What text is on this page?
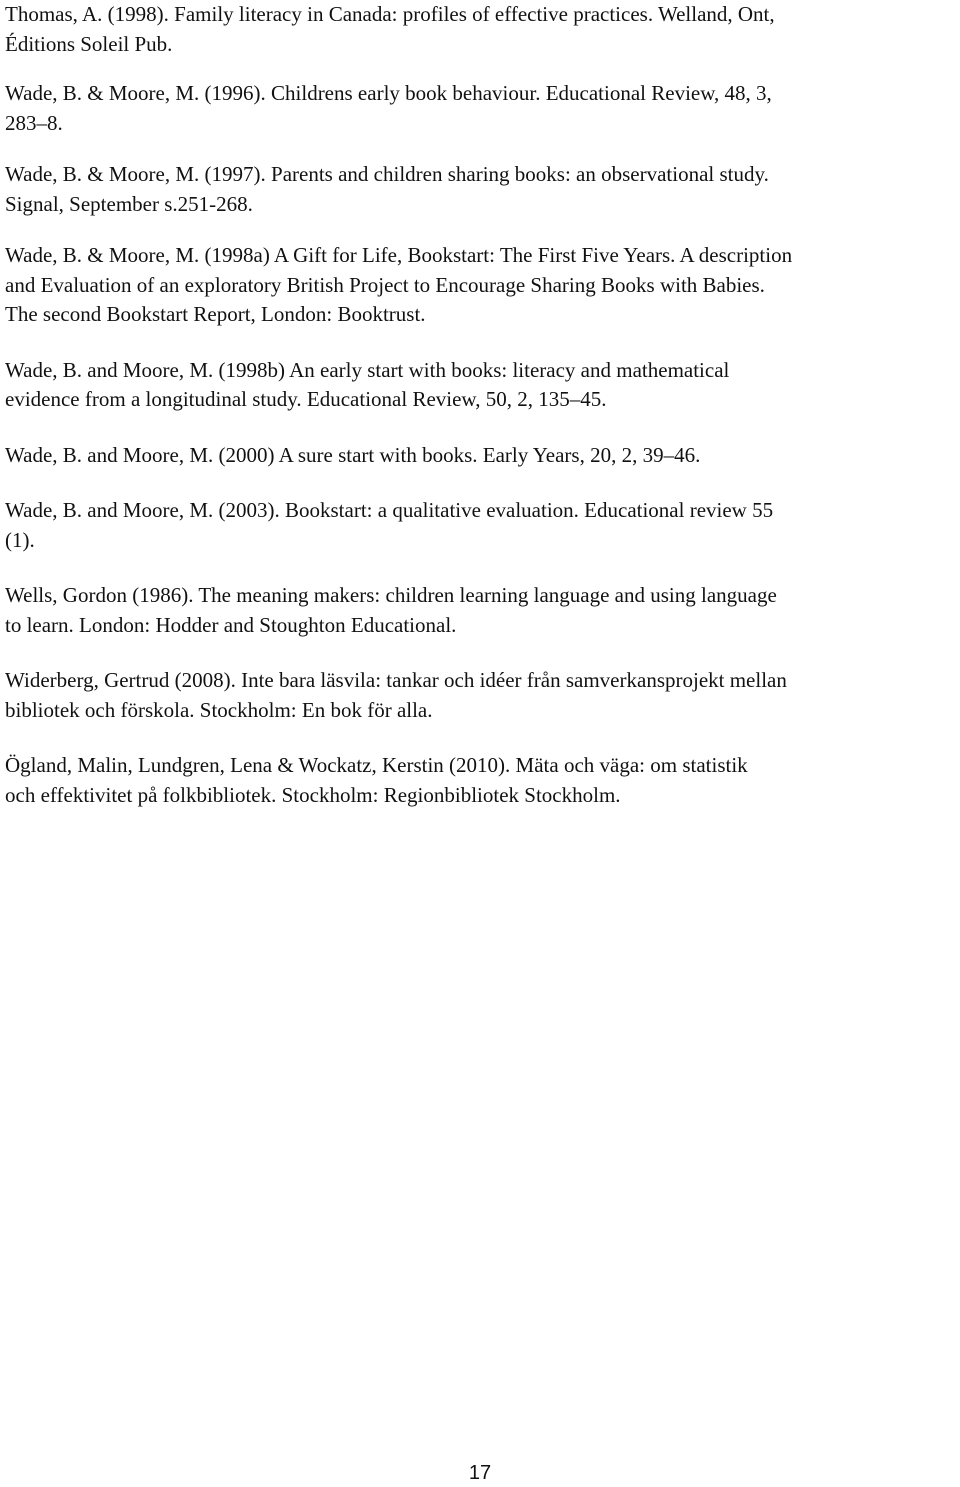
Thomas, A. (1998). Family literacy in Canada: profiles of effective practices. Welland, Ont,
Éditions Soleil Pub.
Wade, B. & Moore, M. (1996). Childrens early book behaviour. Educational Review, 48, 3,
283‒8.
Wade, B. & Moore, M. (1997). Parents and children sharing books: an observational study.
Signal, September s.251-268.
Wade, B. & Moore, M. (1998a) A Gift for Life, Bookstart: The First Five Years. A description
and Evaluation of an exploratory British Project to Encourage Sharing Books with Babies.
The second Bookstart Report, London: Booktrust.
Wade, B. and Moore, M. (1998b) An early start with books: literacy and mathematical
evidence from a longitudinal study. Educational Review, 50, 2, 135‒45.
Wade, B. and Moore, M. (2000) A sure start with books. Early Years, 20, 2, 39‒46.
Wade, B. and Moore, M. (2003). Bookstart: a qualitative evaluation. Educational review 55
(1).
Wells, Gordon (1986). The meaning makers: children learning language and using language
to learn. London: Hodder and Stoughton Educational.
Widerberg, Gertrud (2008). Inte bara läsvila: tankar och idéer från samverkansprojekt mellan
bibliotek och förskola. Stockholm: En bok för alla.
Ögland, Malin, Lundgren, Lena & Wockatz, Kerstin (2010). Mäta och väga: om statistik
och effektivitet på folkbibliotek. Stockholm: Regionbibliotek Stockholm.
17
